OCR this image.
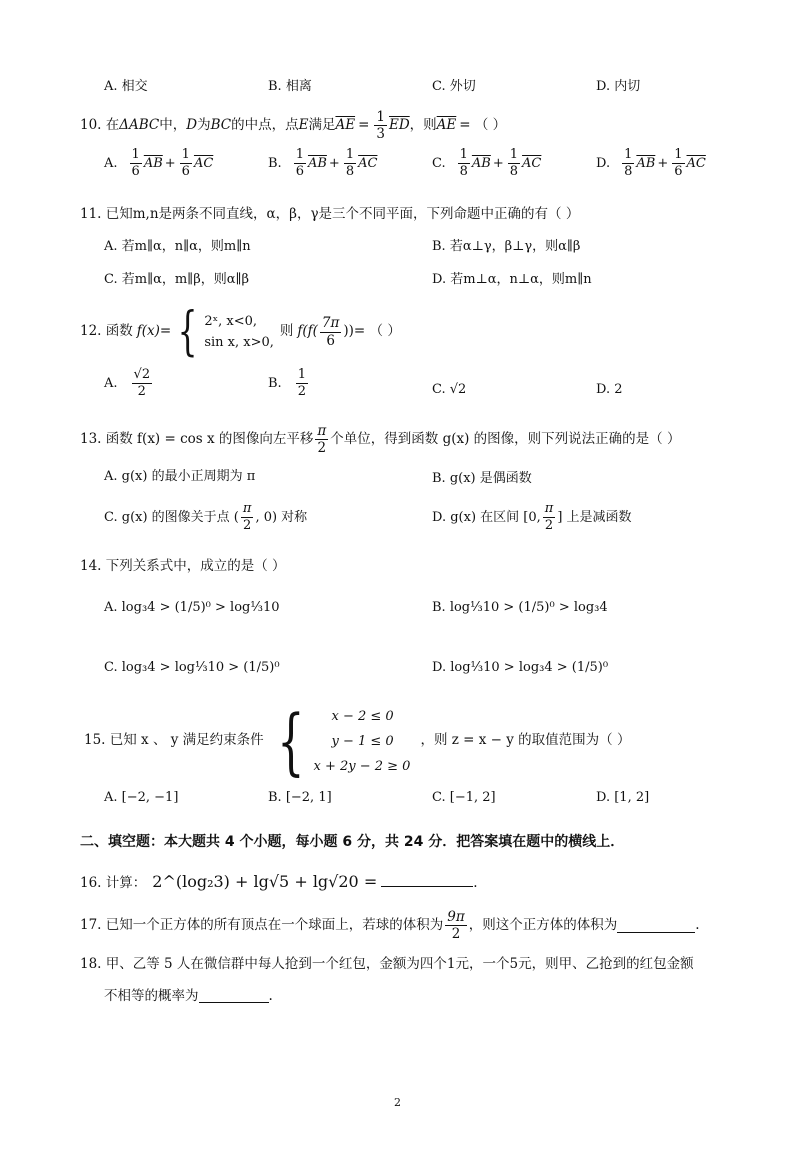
A. 相交	B. 相离	C. 外切	D. 内切
10. 在 ΔABC 中， D 为 BC 的中点，点 E 满足 $\overline{AE} = \frac{1}{3} \overline{ED}$ ，则 $\overline{AE}$ = （ ）
A. $\frac{1}{6} \overline{AB} + \frac{1}{6} \overline{AC}$	B. $\frac{1}{6} \overline{AB} + \frac{1}{8} \overline{AC}$	C. $\frac{1}{8} \overline{AB} + \frac{1}{8} \overline{AC}$	D. $\frac{1}{8} \overline{AB} + \frac{1}{6} \overline{AC}$
11. 已知m,n是两条不同直线，α，β，γ是三个不同平面，下列命题中正确的有（ ）
A. 若m∥α，n∥α，则m∥n	B. 若α⊥γ，β⊥γ，则α∥β
C. 若m∥α，m∥β，则α∥β	D. 若m⊥α，n⊥α，则m∥n
12. 函数 f(x)= { 2ˣ, x<0,
sin x, x>0,
则 $f(f( \frac{7\pi}{6}$ ))= （ ）
A. $\frac{√2}{2}$	B. $\frac{1}{2}$	C. √2	D. 2
13. 函数 f(x) = cos x 的图像向左平移 $\frac{\pi}{2}$ 个单位，得到函数 g(x) 的图像，则下列说法正确的是（ ）
A. g(x) 的最小正周期为 π	B. g(x) 是偶函数
C. g(x) 的图像关于点 ( $\frac{\pi}{2}$ , 0) 对称	D. g(x) 在区间 [0, $\frac{\pi}{2}$ ] 上是减函数
14. 下列关系式中，成立的是（ ）
A. log₃4 > (1/5)⁰ > log⅓10	B. log⅓10 > (1/5)⁰ > log₃4
C. log₃4 > log⅓10 > (1/5)⁰	D. log⅓10 > log₃4 > (1/5)⁰
15. 已知 x 、 y 满足约束条件 {	x − 2 ≤ 0
y − 1 ≤ 0
x + 2y − 2 ≥ 0
，则 z = x − y 的取值范围为（ ）
A. [−2, −1]	B. [−2, 1]	C. [−1, 2]	D. [1, 2]
二、填空题：本大题共 4 个小题，每小题 6 分，共 24 分．把答案填在题中的横线上．
16. 计算： 2^(log₂3) + lg√5 + lg√20 =	.
17. 已知一个正方体的所有顶点在一个球面上，若球的体积为 $\frac{9\pi}{2}$ ，则这个正方体的体积为	.
18. 甲、乙等 5 人在微信群中每人抢到一个红包，金额为四个1元，一个5元，则甲、乙抢到的红包金额
不相等的概率为	.
2
